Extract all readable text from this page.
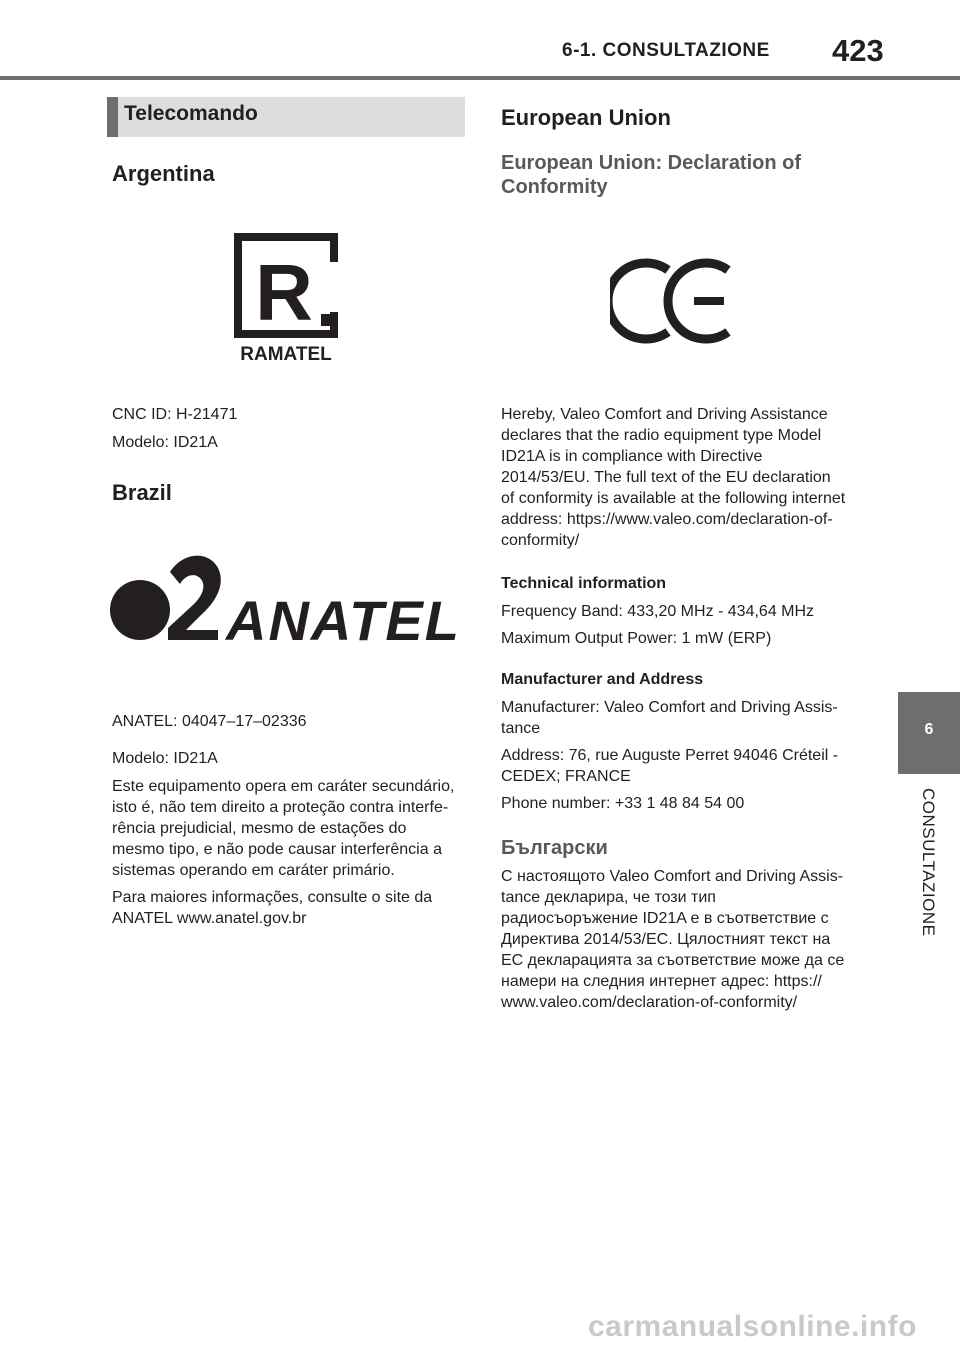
6-1. CONSULTAZIONE 423
Telecomando
Argentina
R
RAMATEL
CNC ID: H-21471
Modelo: ID21A
Brazil
ANATEL
ANATEL: 04047–17–02336
Modelo: ID21A
Este equipamento opera em caráter secundário,
isto é, não tem direito a proteção contra interfe-
rência prejudicial, mesmo de estações do
mesmo tipo, e não pode causar interferência a
sistemas operando em caráter primário.
Para maiores informações, consulte o site da
ANATEL www.anatel.gov.br
European Union
European Union: Declaration of
Conformity
Hereby, Valeo Comfort and Driving Assistance
declares that the radio equipment type Model
ID21A is in compliance with Directive
2014/53/EU. The full text of the EU declaration
of conformity is available at the following internet
address: https://www.valeo.com/declaration-of-
conformity/
Technical information
Frequency Band: 433,20 MHz - 434,64 MHz
Maximum Output Power: 1 mW (ERP)
Manufacturer and Address
Manufacturer: Valeo Comfort and Driving Assis-
tance
Address: 76, rue Auguste Perret 94046 Créteil -
CEDEX; FRANCE
Phone number: +33 1 48 84 54 00
Български
С настоящото Valeo Comfort and Driving Assis-
tance декларира, че този тип
радиосъоръжение ID21A е в съответствие с
Директива 2014/53/ЕС. Цялостният текст на
ЕС декларацията за съответствие може да се
намери на следния интернет адрес: https://
www.valeo.com/declaration-of-conformity/
6
CONSULTAZIONE
carmanualsonline.info
